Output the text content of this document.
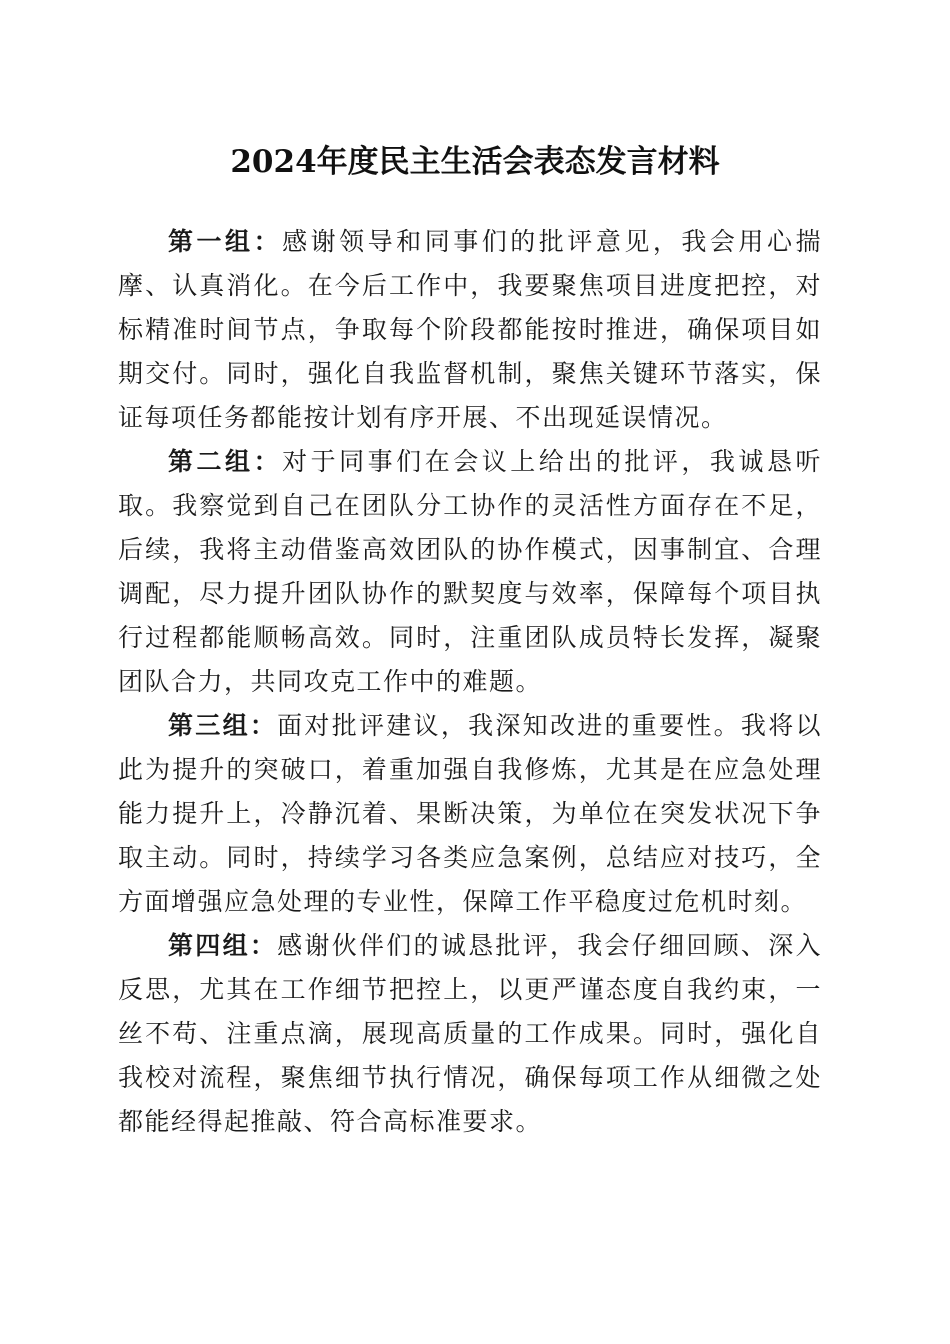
2024年度民主生活会表态发言材料

第一组：感谢领导和同事们的批评意见，我会用心揣摩、认真消化。在今后工作中，我要聚焦项目进度把控，对标精准时间节点，争取每个阶段都能按时推进，确保项目如期交付。同时，强化自我监督机制，聚焦关键环节落实，保证每项任务都能按计划有序开展、不出现延误情况。

第二组：对于同事们在会议上给出的批评，我诚恳听取。我察觉到自己在团队分工协作的灵活性方面存在不足，后续，我将主动借鉴高效团队的协作模式，因事制宜、合理调配，尽力提升团队协作的默契度与效率，保障每个项目执行过程都能顺畅高效。同时，注重团队成员特长发挥，凝聚团队合力，共同攻克工作中的难题。

第三组：面对批评建议，我深知改进的重要性。我将以此为提升的突破口，着重加强自我修炼，尤其是在应急处理能力提升上，冷静沉着、果断决策，为单位在突发状况下争取主动。同时，持续学习各类应急案例，总结应对技巧，全方面增强应急处理的专业性，保障工作平稳度过危机时刻。

第四组：感谢伙伴们的诚恳批评，我会仔细回顾、深入反思，尤其在工作细节把控上，以更严谨态度自我约束，一丝不苟、注重点滴，展现高质量的工作成果。同时，强化自我校对流程，聚焦细节执行情况，确保每项工作从细微之处都能经得起推敲、符合高标准要求。
